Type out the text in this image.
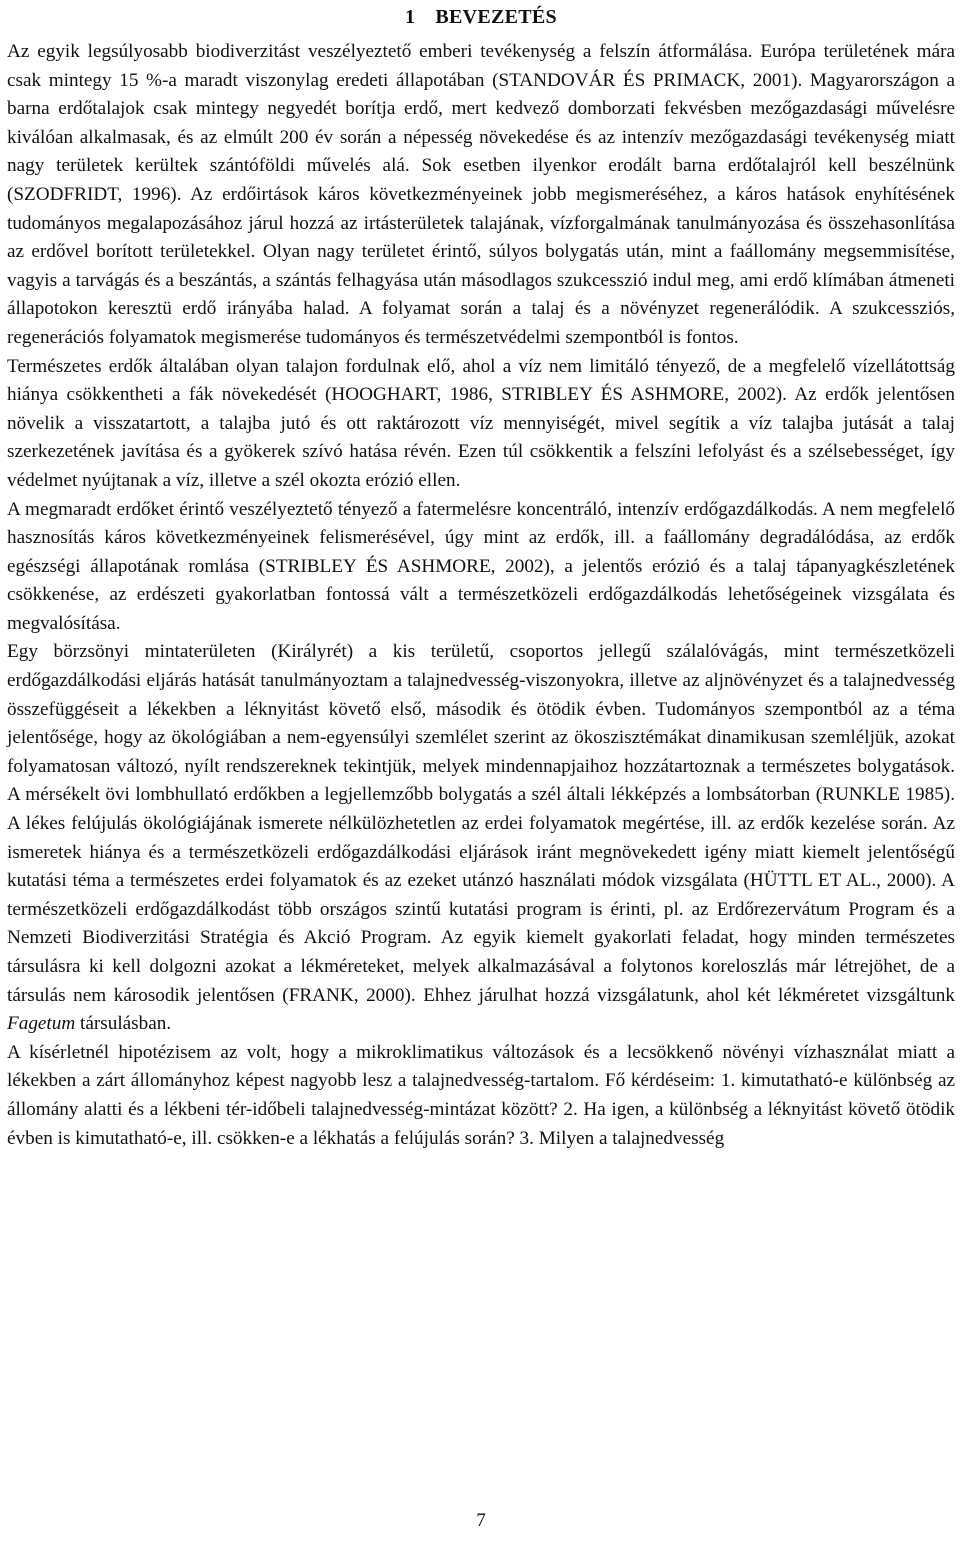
1 BEVEZETÉS

Az egyik legsúlyosabb biodiverzitást veszélyeztető emberi tevékenység a felszín átformálása. Európa területének mára csak mintegy 15 %-a maradt viszonylag eredeti állapotában (STANDOVÁR ÉS PRIMACK, 2001). Magyarországon a barna erdőtalajok csak mintegy negyedét borítja erdő, mert kedvező domborzati fekvésben mezőgazdasági művelésre kiválóan alkalmasak, és az elmúlt 200 év során a népesség növekedése és az intenzív mezőgazdasági tevékenység miatt nagy területek kerültek szántóföldi művelés alá. Sok esetben ilyenkor erodált barna erdőtalajról kell beszélnünk (SZODFRIDT, 1996). Az erdőirtások káros következményeinek jobb megismeréséhez, a káros hatások enyhítésének tudományos megalapozásához járul hozzá az irtásterületek talajának, vízforgalmának tanulmányozása és összehasonlítása az erdővel borított területekkel. Olyan nagy területet érintő, súlyos bolygatás után, mint a faállomány megsemmisítése, vagyis a tarvágás és a beszántás, a szántás felhagyása után másodlagos szukcesszió indul meg, ami erdő klímában átmeneti állapotokon keresztü erdő irányába halad. A folyamat során a talaj és a növényzet regenerálódik. A szukcessziós, regenerációs folyamatok megismerése tudományos és természetvédelmi szempontból is fontos.

Természetes erdők általában olyan talajon fordulnak elő, ahol a víz nem limitáló tényező, de a megfelelő vízellátottság hiánya csökkentheti a fák növekedését (HOOGHART, 1986, STRIBLEY ÉS ASHMORE, 2002). Az erdők jelentősen növelik a visszatartott, a talajba jutó és ott raktározott víz mennyiségét, mivel segítik a víz talajba jutását a talaj szerkezetének javítása és a gyökerek szívó hatása révén. Ezen túl csökkentik a felszíni lefolyást és a szélsebességet, így védelmet nyújtanak a víz, illetve a szél okozta erózió ellen.

A megmaradt erdőket érintő veszélyeztető tényező a fatermelésre koncentráló, intenzív erdőgazdálkodás. A nem megfelelő hasznosítás káros következményeinek felismerésével, úgy mint az erdők, ill. a faállomány degradálódása, az erdők egészségi állapotának romlása (STRIBLEY ÉS ASHMORE, 2002), a jelentős erózió és a talaj tápanyagkészletének csökkenése, az erdészeti gyakorlatban fontossá vált a természetközeli erdőgazdálkodás lehetőségeinek vizsgálata és megvalósítása.

Egy börzsönyi mintaterületen (Királyrét) a kis területű, csoportos jellegű szálalóvágás, mint természetközeli erdőgazdálkodási eljárás hatását tanulmányoztam a talajnedvesség-viszonyokra, illetve az aljnövényzet és a talajnedvesség összefüggéseit a lékekben a léknyitást követő első, második és ötödik évben. Tudományos szempontból az a téma jelentősége, hogy az ökológiában a nem-egyensúlyi szemlélet szerint az ökoszisztémákat dinamikusan szemléljük, azokat folyamatosan változó, nyílt rendszereknek tekintjük, melyek mindennapjaihoz hozzátartoznak a természetes bolygatások. A mérsékelt övi lombhullató erdőkben a legjellemzőbb bolygatás a szél általi lékképzés a lombsátorban (RUNKLE 1985). A lékes felújulás ökológiájának ismerete nélkülözhetetlen az erdei folyamatok megértése, ill. az erdők kezelése során. Az ismeretek hiánya és a természetközeli erdőgazdálkodási eljárások iránt megnövekedett igény miatt kiemelt jelentőségű kutatási téma a természetes erdei folyamatok és az ezeket utánzó használati módok vizsgálata (HÜTTL ET AL., 2000). A természetközeli erdőgazdálkodást több országos szintű kutatási program is érinti, pl. az Erdőrezervátum Program és a Nemzeti Biodiverzitási Stratégia és Akció Program. Az egyik kiemelt gyakorlati feladat, hogy minden természetes társulásra ki kell dolgozni azokat a lékméreteket, melyek alkalmazásával a folytonos koreloszlás már létrejöhet, de a társulás nem károsodik jelentősen (FRANK, 2000). Ehhez járulhat hozzá vizsgálatunk, ahol két lékméretet vizsgáltunk Fagetum társulásban.

A kísérletnél hipotézisem az volt, hogy a mikroklimatikus változások és a lecsökkenő növényi vízhasználat miatt a lékekben a zárt állományhoz képest nagyobb lesz a talajnedvesség-tartalom. Fő kérdéseim: 1. kimutatható-e különbség az állomány alatti és a lékbeni tér-időbeli talajnedvesség-mintázat között? 2. Ha igen, a különbség a léknyitást követő ötödik évben is kimutatható-e, ill. csökken-e a lékhatás a felújulás során? 3. Milyen a talajnedvesség

7
